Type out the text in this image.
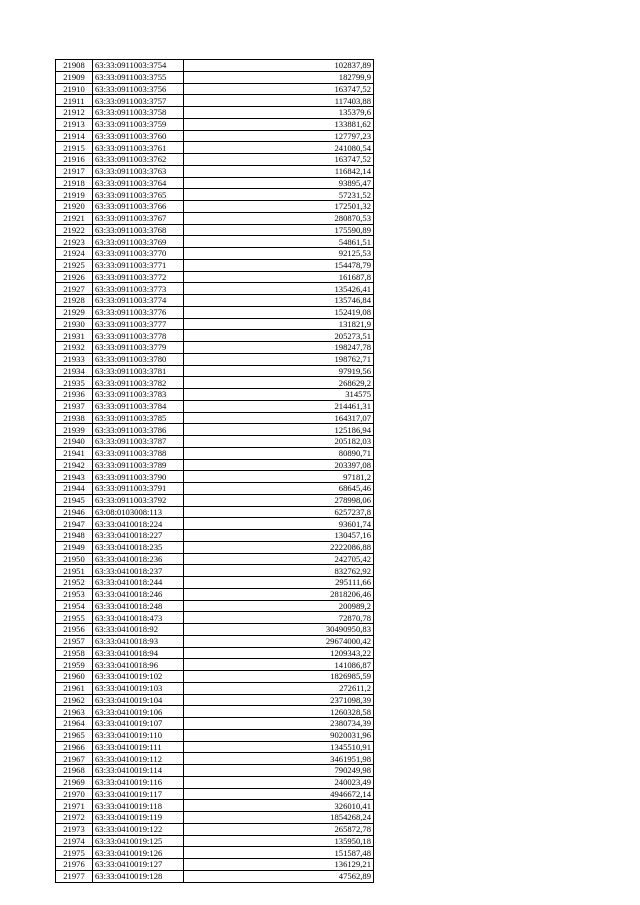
21908	63:33:0911003:3754	102837,89
21909	63:33:0911003:3755	182799,9
21910	63:33:0911003:3756	163747,52
21911	63:33:0911003:3757	117403,88
21912	63:33:0911003:3758	135379,6
21913	63:33:0911003:3759	133881,62
21914	63:33:0911003:3760	127797,23
21915	63:33:0911003:3761	241080,54
21916	63:33:0911003:3762	163747,52
21917	63:33:0911003:3763	116842,14
21918	63:33:0911003:3764	93895,47
21919	63:33:0911003:3765	57231,52
21920	63:33:0911003:3766	172501,32
21921	63:33:0911003:3767	280870,53
21922	63:33:0911003:3768	175590,89
21923	63:33:0911003:3769	54861,51
21924	63:33:0911003:3770	92125,53
21925	63:33:0911003:3771	154478,79
21926	63:33:0911003:3772	161687,8
21927	63:33:0911003:3773	135426,41
21928	63:33:0911003:3774	135746,84
21929	63:33:0911003:3776	152419,08
21930	63:33:0911003:3777	131821,9
21931	63:33:0911003:3778	205273,51
21932	63:33:0911003:3779	198247,78
21933	63:33:0911003:3780	198762,71
21934	63:33:0911003:3781	97919,56
21935	63:33:0911003:3782	268629,2
21936	63:33:0911003:3783	314575
21937	63:33:0911003:3784	214461,31
21938	63:33:0911003:3785	164317,07
21939	63:33:0911003:3786	125186,94
21940	63:33:0911003:3787	205182,03
21941	63:33:0911003:3788	80890,71
21942	63:33:0911003:3789	203397,08
21943	63:33:0911003:3790	97181,2
21944	63:33:0911003:3791	68645,46
21945	63:33:0911003:3792	278998,06
21946	63:08:0103008:113	6257237,8
21947	63:33:0410018:224	93601,74
21948	63:33:0410018:227	130457,16
21949	63:33:0410018:235	2222086,88
21950	63:33:0410018:236	242705,42
21951	63:33:0410018:237	832762,92
21952	63:33:0410018:244	295111,66
21953	63:33:0410018:246	2818206,46
21954	63:33:0410018:248	200989,2
21955	63:33:0410018:473	72870,78
21956	63:33:0410018:92	30490950,83
21957	63:33:0410018:93	29674000,42
21958	63:33:0410018:94	1209343,22
21959	63:33:0410018:96	141086,87
21960	63:33:0410019:102	1826985,59
21961	63:33:0410019:103	272611,2
21962	63:33:0410019:104	2371098,39
21963	63:33:0410019:106	1260328,58
21964	63:33:0410019:107	2380734,39
21965	63:33:0410019:110	9020031,96
21966	63:33:0410019:111	1345510,91
21967	63:33:0410019:112	3461951,98
21968	63:33:0410019:114	790249,98
21969	63:33:0410019:116	240023,49
21970	63:33:0410019:117	4946672,14
21971	63:33:0410019:118	326010,41
21972	63:33:0410019:119	1854268,24
21973	63:33:0410019:122	265872,78
21974	63:33:0410019:125	135950,18
21975	63:33:0410019:126	151587,48
21976	63:33:0410019:127	136129,21
21977	63:33:0410019:128	47562,89
